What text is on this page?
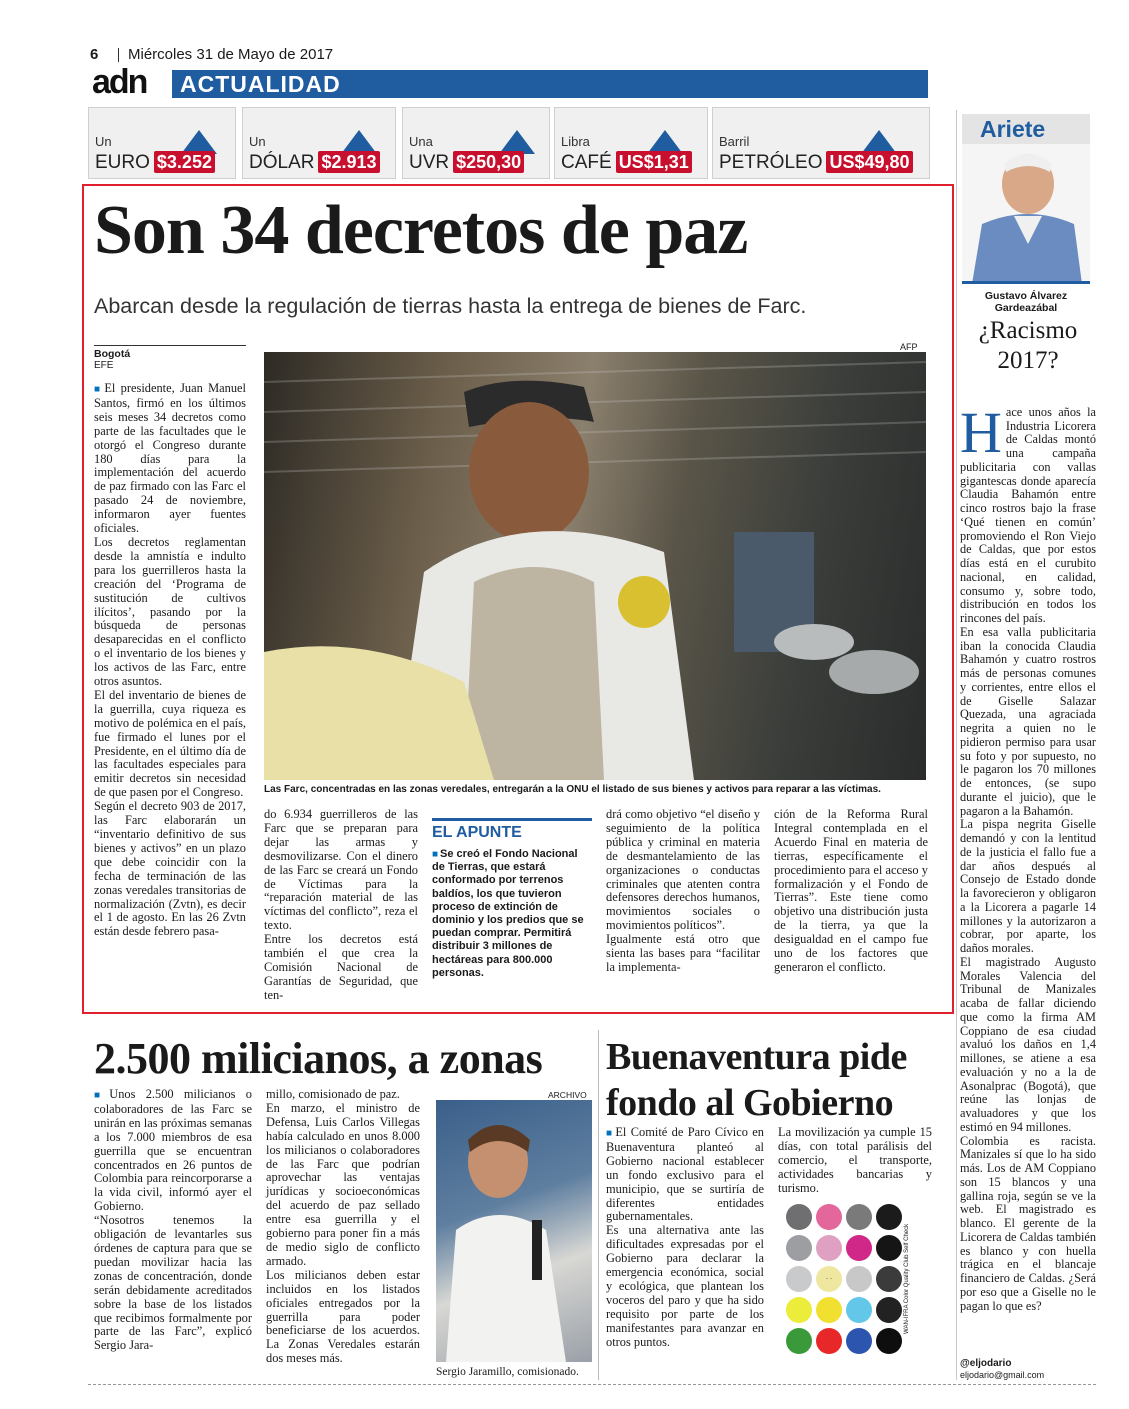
6 Miércoles 31 de Mayo de 2017
adn ACTUALIDAD
Un
EURO $3.252
Un
DÓLAR $2.913
Una
UVR $250,30
Libra
CAFÉ US$1,31
Barril
PETRÓLEO US$49,80
Son 34 decretos de paz
Abarcan desde la regulación de tierras hasta la entrega de bienes de Farc.
Bogotá
EFE
AFP
Las Farc, concentradas en las zonas veredales, entregarán a la ONU el listado de sus bienes y activos para reparar a las víctimas.
■ El presidente, Juan Manuel Santos, firmó en los últimos seis meses 34 decretos como parte de las facultades que le otorgó el Congreso durante 180 días para la implementación del acuerdo de paz firmado con las Farc el pasado 24 de noviembre, informaron ayer fuentes oficiales.
Los decretos reglamentan desde la amnistía e indulto para los guerrilleros hasta la creación del ‘Programa de sustitución de cultivos ilícitos’, pasando por la búsqueda de personas desaparecidas en el conflicto o el inventario de los bienes y los activos de las Farc, entre otros asuntos.
El del inventario de bienes de la guerrilla, cuya riqueza es motivo de polémica en el país, fue firmado el lunes por el Presidente, en el último día de las facultades especiales para emitir decretos sin necesidad de que pasen por el Congreso.
Según el decreto 903 de 2017, las Farc elaborarán un “inventario definitivo de sus bienes y activos” en un plazo que debe coincidir con la fecha de terminación de las zonas veredales transitorias de normalización (Zvtn), es decir el 1 de agosto. En las 26 Zvtn están desde febrero pasa-
do 6.934 guerrilleros de las Farc que se preparan para dejar las armas y desmovilizarse. Con el dinero de las Farc se creará un Fondo de Víctimas para la “reparación material de las víctimas del conflicto”, reza el texto.
Entre los decretos está también el que crea la Comisión Nacional de Garantías de Seguridad, que ten-
EL APUNTE
■ Se creó el Fondo Nacional de Tierras, que estará conformado por terrenos baldíos, los que tuvieron proceso de extinción de dominio y los predios que se puedan comprar. Permitirá distribuir 3 millones de hectáreas para 800.000 personas.
drá como objetivo “el diseño y seguimiento de la política pública y criminal en materia de desmantelamiento de las organizaciones o conductas criminales que atenten contra defensores derechos humanos, movimientos sociales o movimientos políticos”.
Igualmente está otro que sienta las bases para “facilitar la implementa-
ción de la Reforma Rural Integral contemplada en el Acuerdo Final en materia de tierras, específicamente el procedimiento para el acceso y formalización y el Fondo de Tierras”. Este tiene como objetivo una distribución justa de la tierra, ya que la desigualdad en el campo fue uno de los factores que generaron el conflicto.
2.500 milicianos, a zonas
■ Unos 2.500 milicianos o colaboradores de las Farc se unirán en las próximas semanas a los 7.000 miembros de esa guerrilla que se encuentran concentrados en 26 puntos de Colombia para reincorporarse a la vida civil, informó ayer el Gobierno.
“Nosotros tenemos la obligación de levantarles sus órdenes de captura para que se puedan movilizar hacia las zonas de concentración, donde serán debidamente acreditados sobre la base de los listados que recibimos formalmente por parte de las Farc”, explicó Sergio Jara-
millo, comisionado de paz.
En marzo, el ministro de Defensa, Luis Carlos Villegas había calculado en unos 8.000 los milicianos o colaboradores de las Farc que podrían aprovechar las ventajas jurídicas y socioeconómicas del acuerdo de paz sellado entre esa guerrilla y el gobierno para poner fin a más de medio siglo de conflicto armado.
Los milicianos deben estar incluidos en los listados oficiales entregados por la guerrilla para poder beneficiarse de los acuerdos. La Zonas Veredales estarán dos meses más.
ARCHIVO
Sergio Jaramillo, comisionado.
Buenaventura pide fondo al Gobierno
■ El Comité de Paro Cívico en Buenaventura planteó al Gobierno nacional establecer un fondo exclusivo para el municipio, que se surtiría de diferentes entidades gubernamentales.
Es una alternativa ante las dificultades expresadas por el Gobierno para declarar la emergencia económica, social y ecológica, que plantean los voceros del paro y que ha sido requisito por parte de los manifestantes para avanzar en otros puntos.
La movilización ya cumple 15 días, con total parálisis del comercio, el transporte, actividades bancarias y turismo.
· ·	WAN-IFRA Color Quality Club Self Check
Ariete
Gustavo Álvarez Gardeazábal
¿Racismo 2017?

Hace unos años la Industria Licorera de Caldas montó una campaña publicitaria con vallas gigantescas donde aparecía Claudia Bahamón entre cinco rostros bajo la frase ‘Qué tienen en común’ promoviendo el Ron Viejo de Caldas, que por estos días está en el curubito nacional, en calidad, consumo y, sobre todo, distribución en todos los rincones del país.
En esa valla publicitaria iban la conocida Claudia Bahamón y cuatro rostros más de personas comunes y corrientes, entre ellos el de Giselle Salazar Quezada, una agraciada negrita a quien no le pidieron permiso para usar su foto y por supuesto, no le pagaron los 70 millones de entonces, (se supo durante el juicio), que le pagaron a la Bahamón.
La pispa negrita Giselle demandó y con la lentitud de la justicia el fallo fue a dar años después al Consejo de Estado donde la favorecieron y obligaron a la Licorera a pagarle 14 millones y la autorizaron a cobrar, por aparte, los daños morales.
El magistrado Augusto Morales Valencia del Tribunal de Manizales acaba de fallar diciendo que como la firma AM Coppiano de esa ciudad avaluó los daños en 1,4 millones, se atiene a esa evaluación y no a la de Asonalprac (Bogotá), que reúne las lonjas de avaluadores y que los estimó en 94 millones.
Colombia es racista. Manizales sí que lo ha sido más. Los de AM Coppiano son 15 blancos y una gallina roja, según se ve la web. El magistrado es blanco. El gerente de la Licorera de Caldas también es blanco y con huella trágica en el blancaje financiero de Caldas. ¿Será por eso que a Giselle no le pagan lo que es?

@eljodario
eljodario@gmail.com
